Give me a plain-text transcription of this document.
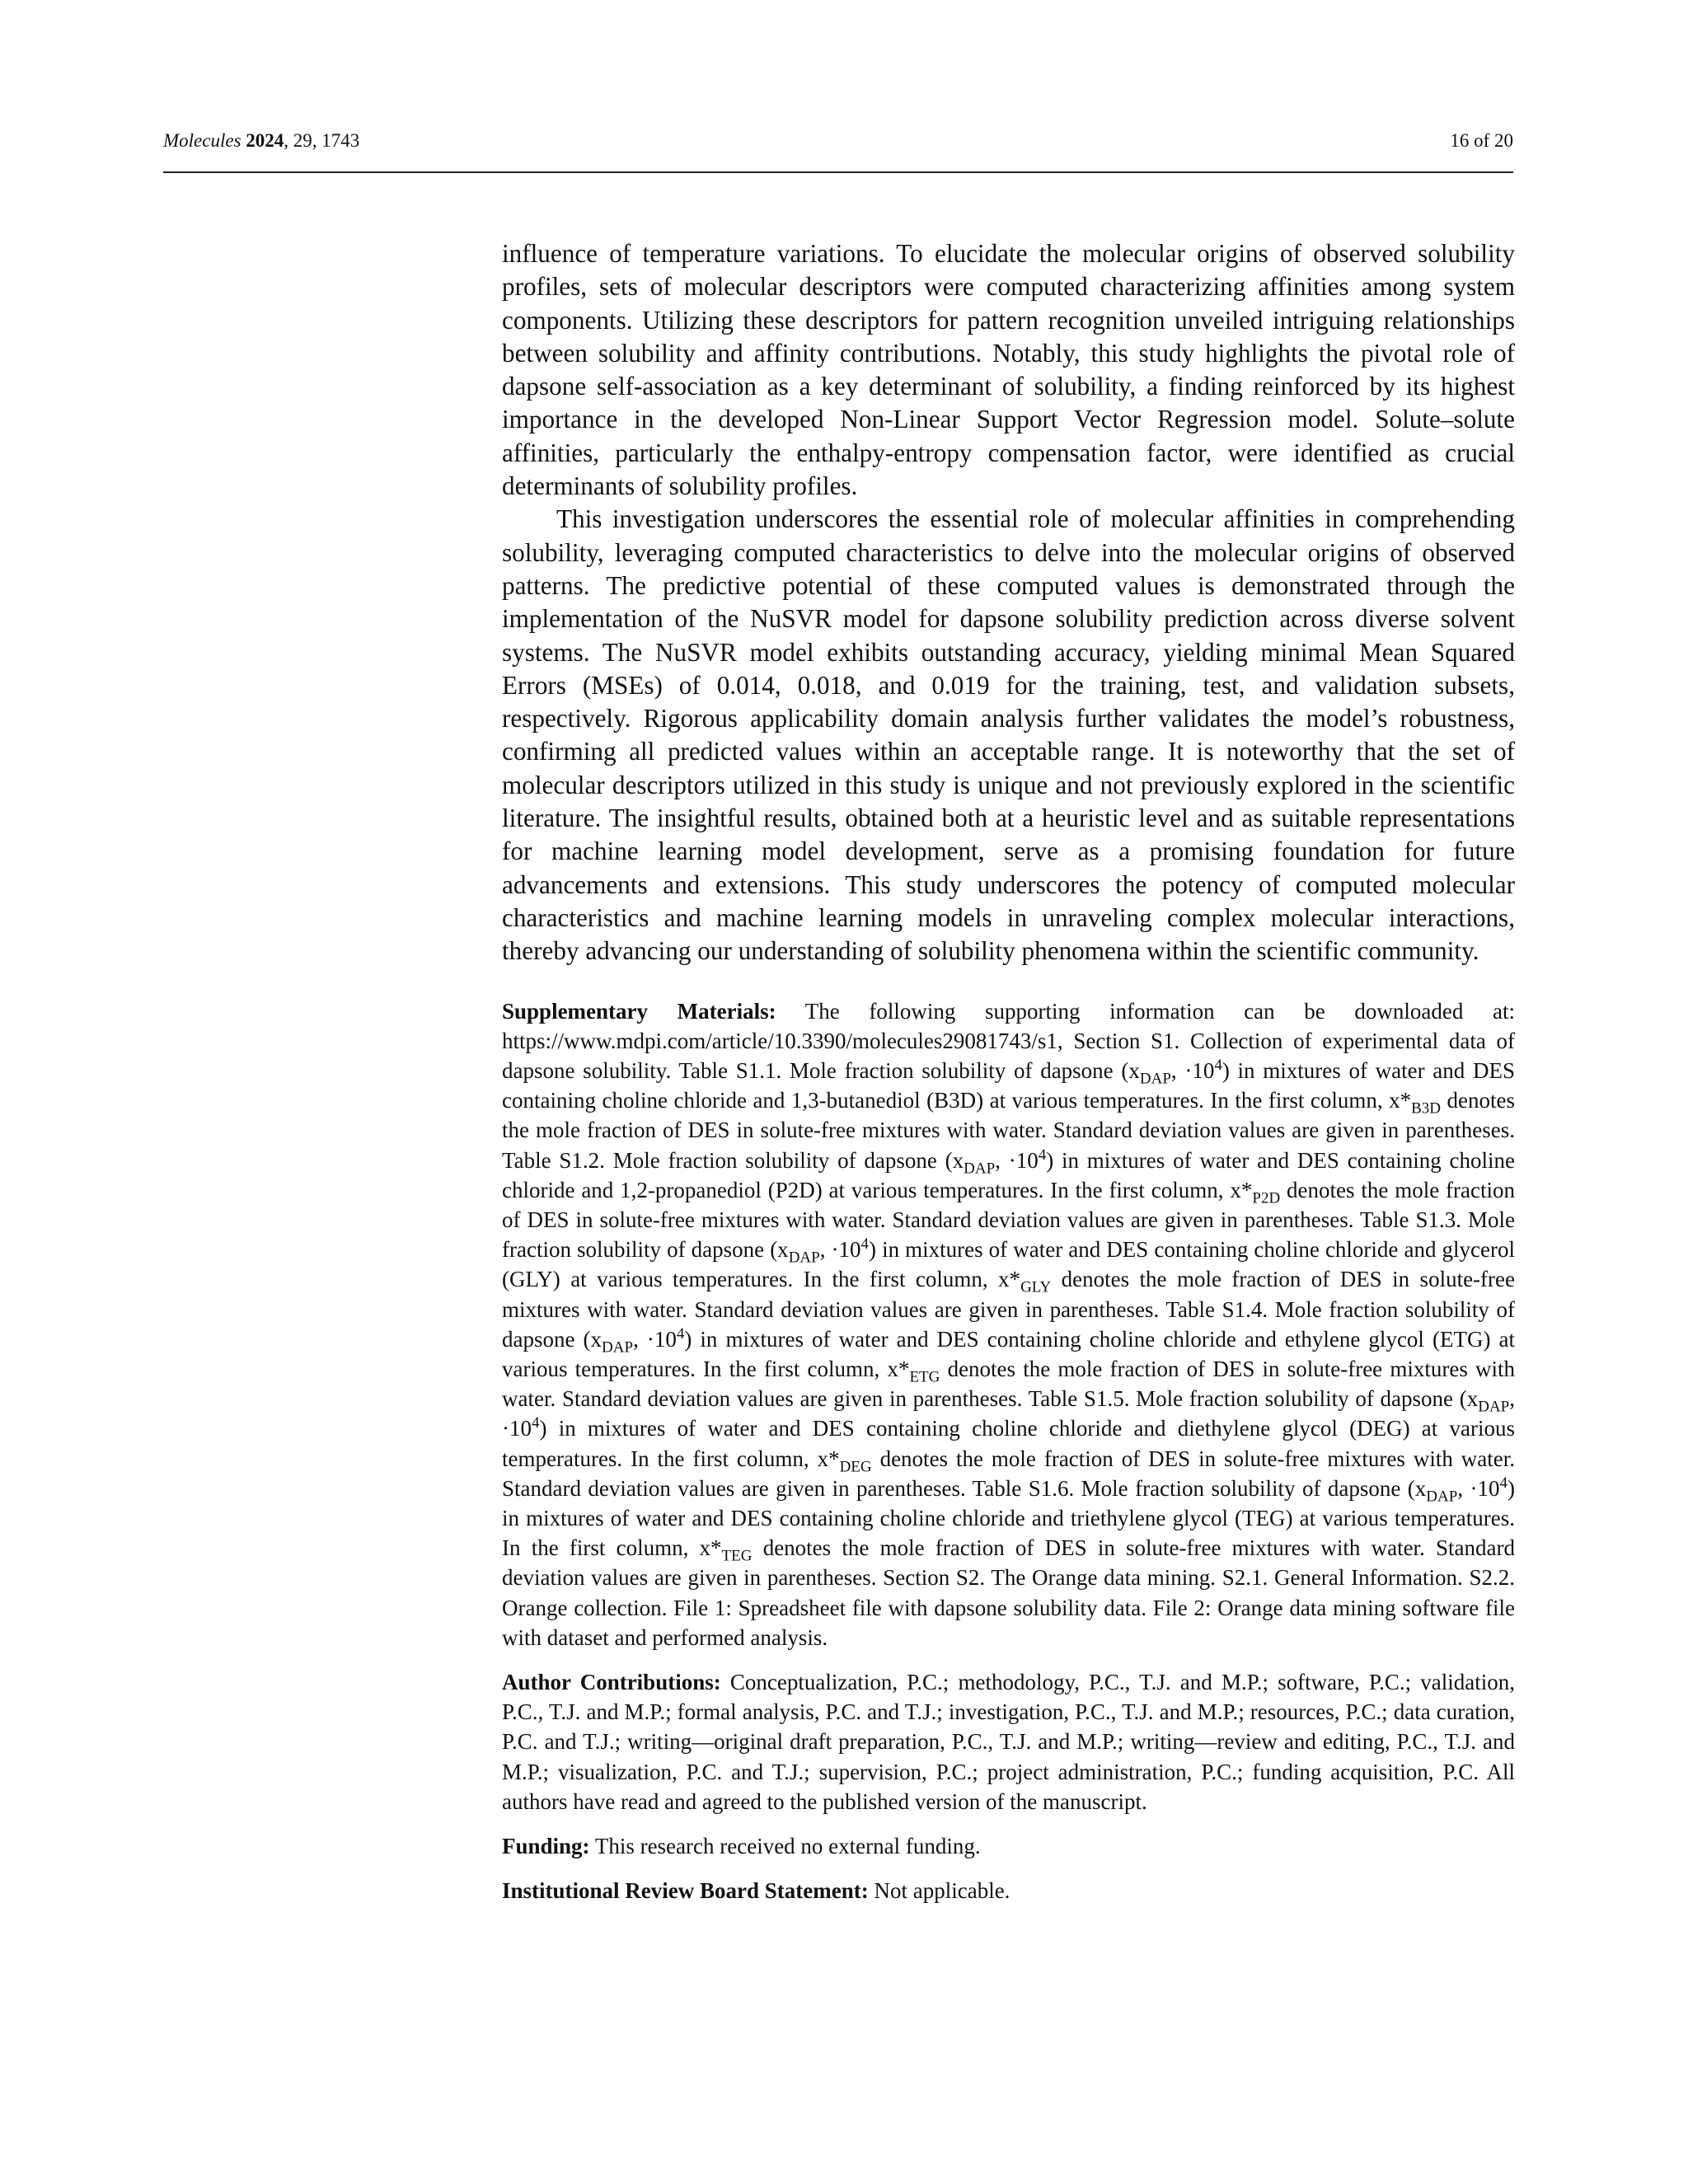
Molecules 2024, 29, 1743	16 of 20

influence of temperature variations. To elucidate the molecular origins of observed solubility profiles, sets of molecular descriptors were computed characterizing affinities among system components. Utilizing these descriptors for pattern recognition unveiled intriguing relationships between solubility and affinity contributions. Notably, this study highlights the pivotal role of dapsone self-association as a key determinant of solubility, a finding reinforced by its highest importance in the developed Non-Linear Support Vector Regression model. Solute–solute affinities, particularly the enthalpy-entropy compensation factor, were identified as crucial determinants of solubility profiles.

This investigation underscores the essential role of molecular affinities in comprehending solubility, leveraging computed characteristics to delve into the molecular origins of observed patterns. The predictive potential of these computed values is demonstrated through the implementation of the NuSVR model for dapsone solubility prediction across diverse solvent systems. The NuSVR model exhibits outstanding accuracy, yielding minimal Mean Squared Errors (MSEs) of 0.014, 0.018, and 0.019 for the training, test, and validation subsets, respectively. Rigorous applicability domain analysis further validates the model’s robustness, confirming all predicted values within an acceptable range. It is noteworthy that the set of molecular descriptors utilized in this study is unique and not previously explored in the scientific literature. The insightful results, obtained both at a heuristic level and as suitable representations for machine learning model development, serve as a promising foundation for future advancements and extensions. This study underscores the potency of computed molecular characteristics and machine learning models in unraveling complex molecular interactions, thereby advancing our understanding of solubility phenomena within the scientific community.

Supplementary Materials: The following supporting information can be downloaded at: https://www.mdpi.com/article/10.3390/molecules29081743/s1, Section S1. Collection of experimental data of dapsone solubility. Table S1.1. Mole fraction solubility of dapsone ($x_{DAP}$, $\cdot 10^4$) in mixtures of water and DES containing choline chloride and 1,3-butanediol (B3D) at various temperatures. In the first column, $x*_{B3D}$ denotes the mole fraction of DES in solute-free mixtures with water. Standard deviation values are given in parentheses. Table S1.2. Mole fraction solubility of dapsone ($x_{DAP}$, $\cdot 10^4$) in mixtures of water and DES containing choline chloride and 1,2-propanediol (P2D) at various temperatures. In the first column, $x*_{P2D}$ denotes the mole fraction of DES in solute-free mixtures with water. Standard deviation values are given in parentheses. Table S1.3. Mole fraction solubility of dapsone ($x_{DAP}$, $\cdot 10^4$) in mixtures of water and DES containing choline chloride and glycerol (GLY) at various temperatures. In the first column, $x*_{GLY}$ denotes the mole fraction of DES in solute-free mixtures with water. Standard deviation values are given in parentheses. Table S1.4. Mole fraction solubility of dapsone ($x_{DAP}$, $\cdot 10^4$) in mixtures of water and DES containing choline chloride and ethylene glycol (ETG) at various temperatures. In the first column, $x*_{ETG}$ denotes the mole fraction of DES in solute-free mixtures with water. Standard deviation values are given in parentheses. Table S1.5. Mole fraction solubility of dapsone ($x_{DAP}$, $\cdot 10^4$) in mixtures of water and DES containing choline chloride and diethylene glycol (DEG) at various temperatures. In the first column, $x*_{DEG}$ denotes the mole fraction of DES in solute-free mixtures with water. Standard deviation values are given in parentheses. Table S1.6. Mole fraction solubility of dapsone ($x_{DAP}$, $\cdot 10^4$) in mixtures of water and DES containing choline chloride and triethylene glycol (TEG) at various temperatures. In the first column, $x*_{TEG}$ denotes the mole fraction of DES in solute-free mixtures with water. Standard deviation values are given in parentheses. Section S2. The Orange data mining. S2.1. General Information. S2.2. Orange collection. File 1: Spreadsheet file with dapsone solubility data. File 2: Orange data mining software file with dataset and performed analysis.

Author Contributions: Conceptualization, P.C.; methodology, P.C., T.J. and M.P.; software, P.C.; validation, P.C., T.J. and M.P.; formal analysis, P.C. and T.J.; investigation, P.C., T.J. and M.P.; resources, P.C.; data curation, P.C. and T.J.; writing—original draft preparation, P.C., T.J. and M.P.; writing—review and editing, P.C., T.J. and M.P.; visualization, P.C. and T.J.; supervision, P.C.; project administration, P.C.; funding acquisition, P.C. All authors have read and agreed to the published version of the manuscript.

Funding: This research received no external funding.

Institutional Review Board Statement: Not applicable.
